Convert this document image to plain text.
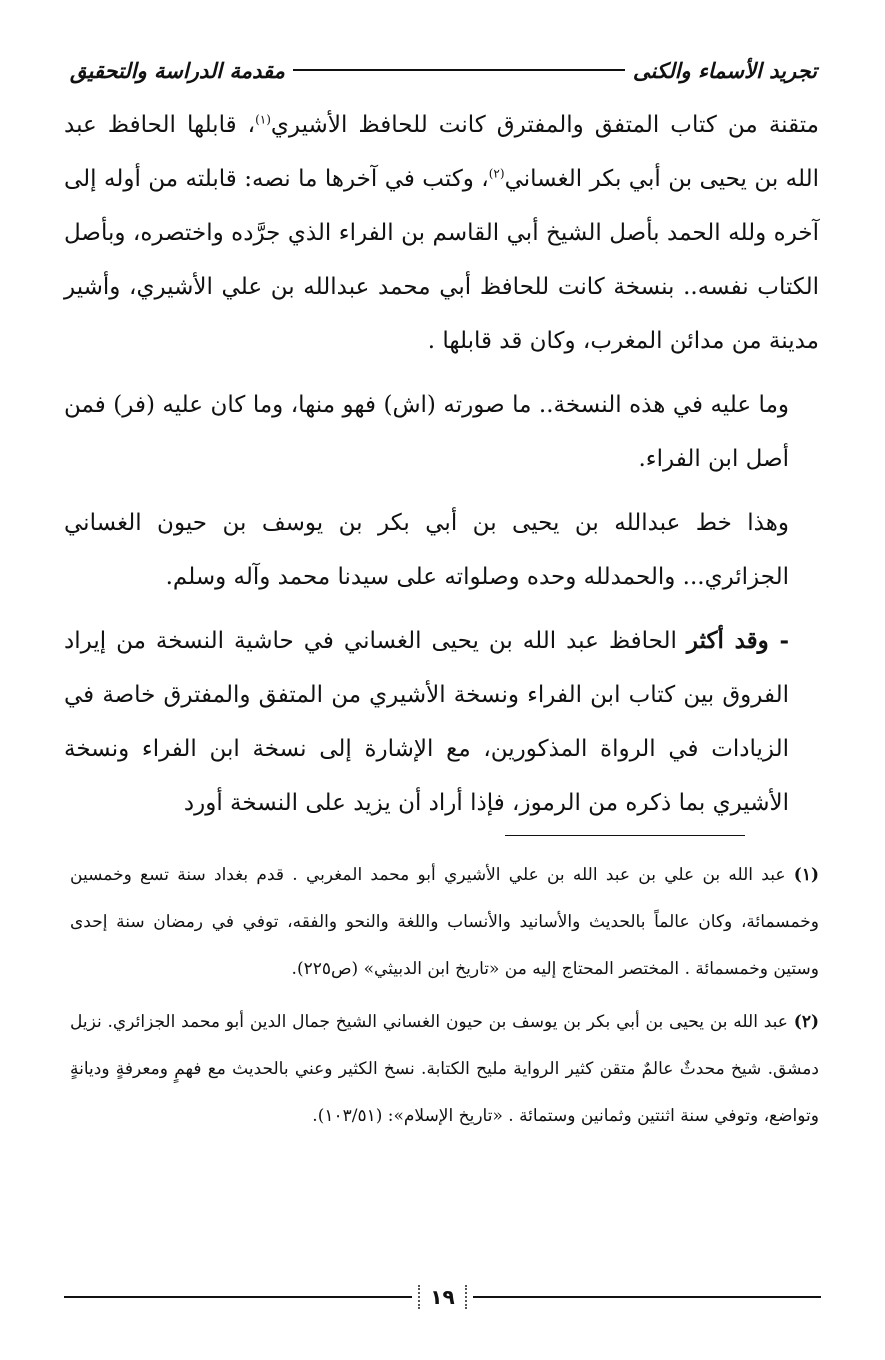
تجريد الأسماء والكنى
مقدمة الدراسة والتحقيق

متقنة من كتاب المتفق والمفترق كانت للحافظ الأشيري$^{(١)}$، قابلها الحافظ عبد الله بن يحيى بن أبي بكر الغساني$^{(٢)}$، وكتب في آخرها ما نصه: قابلته من أوله إلى آخره ولله الحمد بأصل الشيخ أبي القاسم بن الفراء الذي جرَّده واختصره، وبأصل الكتاب نفسه.. بنسخة كانت للحافظ أبي محمد عبدالله بن علي الأشيري، وأشير مدينة من مدائن المغرب، وكان قد قابلها .

وما عليه في هذه النسخة.. ما صورته (اش) فهو منها، وما كان عليه (فر) فمن أصل ابن الفراء.

وهذا خط عبدالله بن يحيى بن أبي بكر بن يوسف بن حيون الغساني الجزائري... والحمدلله وحده وصلواته على سيدنا محمد وآله وسلم.

- وقد أكثر الحافظ عبد الله بن يحيى الغساني في حاشية النسخة من إيراد الفروق بين كتاب ابن الفراء ونسخة الأشيري من المتفق والمفترق خاصة في الزيادات في الرواة المذكورين، مع الإشارة إلى نسخة ابن الفراء ونسخة الأشيري بما ذكره من الرموز، فإذا أراد أن يزيد على النسخة أورد

(١) عبد الله بن علي بن عبد الله بن علي الأشيري أبو محمد المغربي . قدم بغداد سنة تسع وخمسين وخمسمائة، وكان عالماً بالحديث والأسانيد والأنساب واللغة والنحو والفقه، توفي في رمضان سنة إحدى وستين وخمسمائة . المختصر المحتاج إليه من «تاريخ ابن الدبيثي» (ص٢٢٥).

(٢) عبد الله بن يحيى بن أبي بكر بن يوسف بن حيون الغساني الشيخ جمال الدين أبو محمد الجزائري. نزيل دمشق. شيخ محدثٌ عالمٌ متقن كثير الرواية مليح الكتابة. نسخ الكثير وعني بالحديث مع فهمٍ ومعرفةٍ وديانةٍ وتواضع، وتوفي سنة اثنتين وثمانين وستمائة . «تاريخ الإسلام»: (١٠٣/٥١).

١٩
